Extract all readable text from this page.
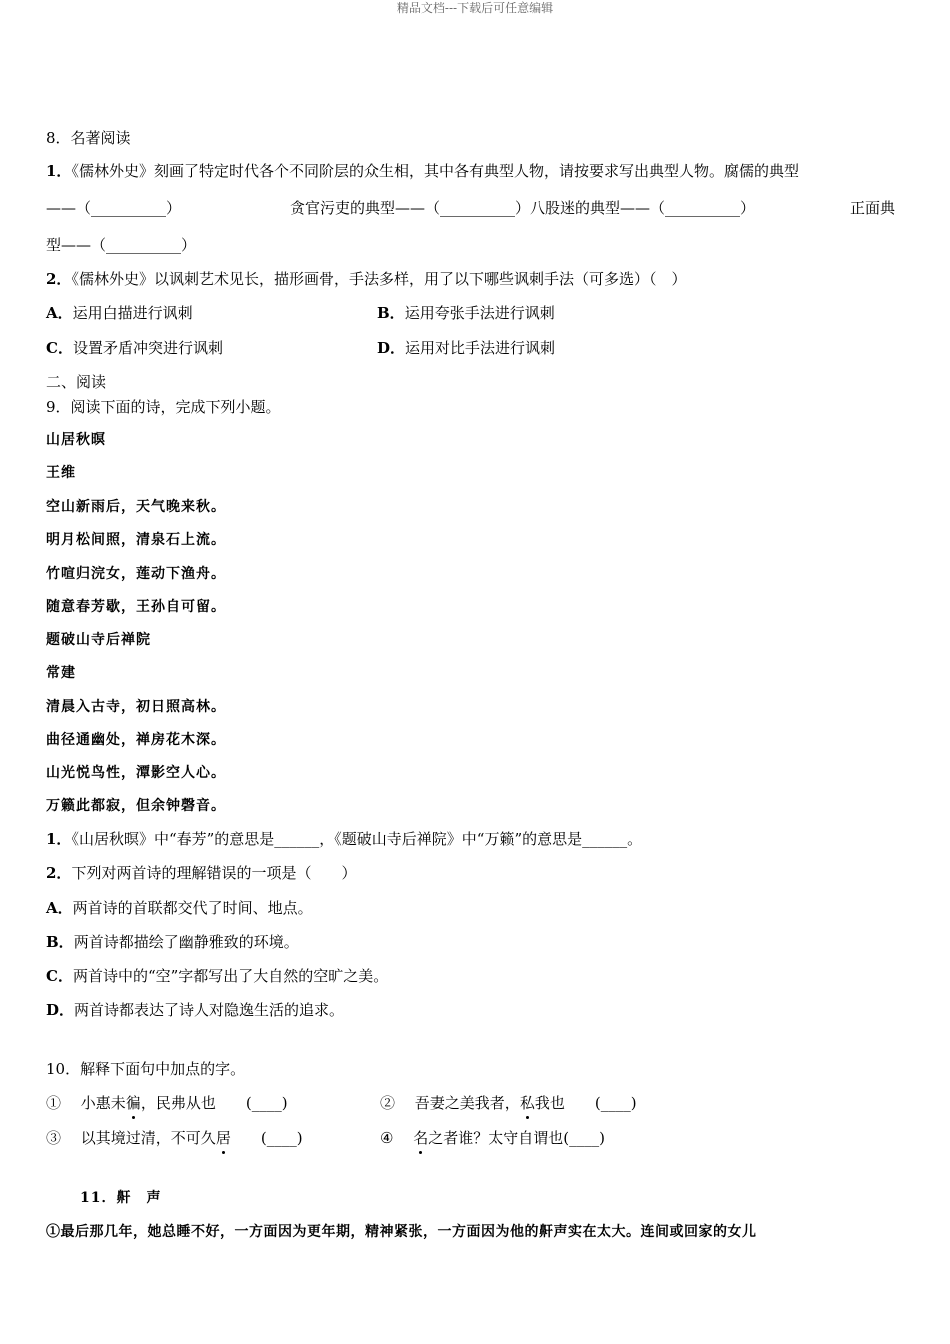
精品文档---下载后可任意编辑
8．名著阅读
1．《儒林外史》刻画了特定时代各个不同阶层的众生相，其中各有典型人物，请按要求写出典型人物。腐儒的典型
——（__________）	贪官污吏的典型——（__________）八股迷的典型——（__________）	正面典
型——（__________）
2．《儒林外史》以讽刺艺术见长，描形画骨，手法多样，用了以下哪些讽刺手法（可多选）（　）
A．运用白描进行讽刺	B．运用夸张手法进行讽刺
C．设置矛盾冲突进行讽刺	D．运用对比手法进行讽刺
二、阅读
9．阅读下面的诗，完成下列小题。
山居秋暝
王维
空山新雨后，天气晚来秋。
明月松间照，清泉石上流。
竹喧归浣女，莲动下渔舟。
随意春芳歇，王孙自可留。
题破山寺后禅院
常建
清晨入古寺，初日照高林。
曲径通幽处，禅房花木深。
山光悦鸟性，潭影空人心。
万籁此都寂，但余钟磬音。
1．《山居秋暝》中“春芳”的意思是______，《题破山寺后禅院》中“万籁”的意思是______。
2．下列对两首诗的理解错误的一项是（　　）
A．两首诗的首联都交代了时间、地点。
B．两首诗都描绘了幽静雅致的环境。
C．两首诗中的“空”字都写出了大自然的空旷之美。
D．两首诗都表达了诗人对隐逸生活的追求。
10．解释下面句中加点的字。
①　 小惠未徧，民弗从也　　 (____)	②　 吾妻之美我者，私我也　　 (____)
③　 以其境过清，不可久居　　 (____)	④　 名之者谁？太守自谓也(____)
11．鼾　声
①最后那几年，她总睡不好，一方面因为更年期，精神紧张，一方面因为他的鼾声实在太大。连间或回家的女儿
